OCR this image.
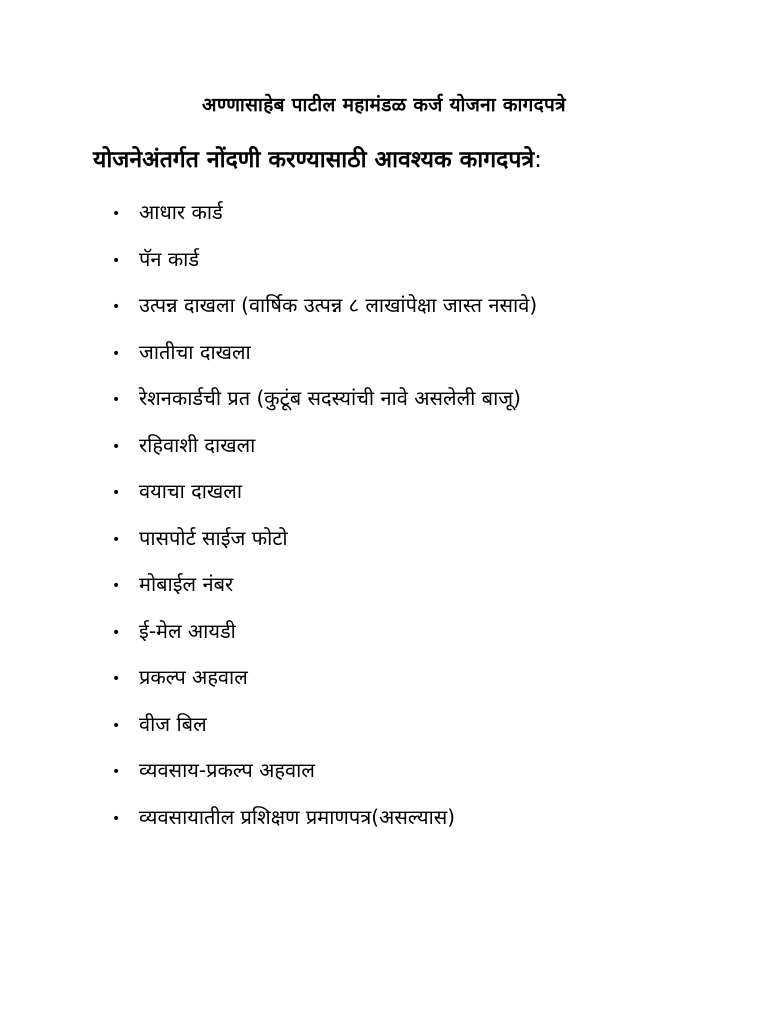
अण्णासाहेब पाटील महामंडळ कर्ज योजना कागदपत्रे
योजनेअंतर्गत नोंदणी करण्यासाठी आवश्यक कागदपत्रे:
• आधार कार्ड
• पॅन कार्ड
• उत्पन्न दाखला (वार्षिक उत्पन्न ८ लाखांपेक्षा जास्त नसावे)
• जातीचा दाखला
• रेशनकार्डची प्रत (कुटूंब सदस्यांची नावे असलेली बाजू)
• रहिवाशी दाखला
• वयाचा दाखला
• पासपोर्ट साईज फोटो
• मोबाईल नंबर
• ई-मेल आयडी
• प्रकल्प अहवाल
• वीज बिल
• व्यवसाय-प्रकल्प अहवाल
• व्यवसायातील प्रशिक्षण प्रमाणपत्र(असल्यास)
